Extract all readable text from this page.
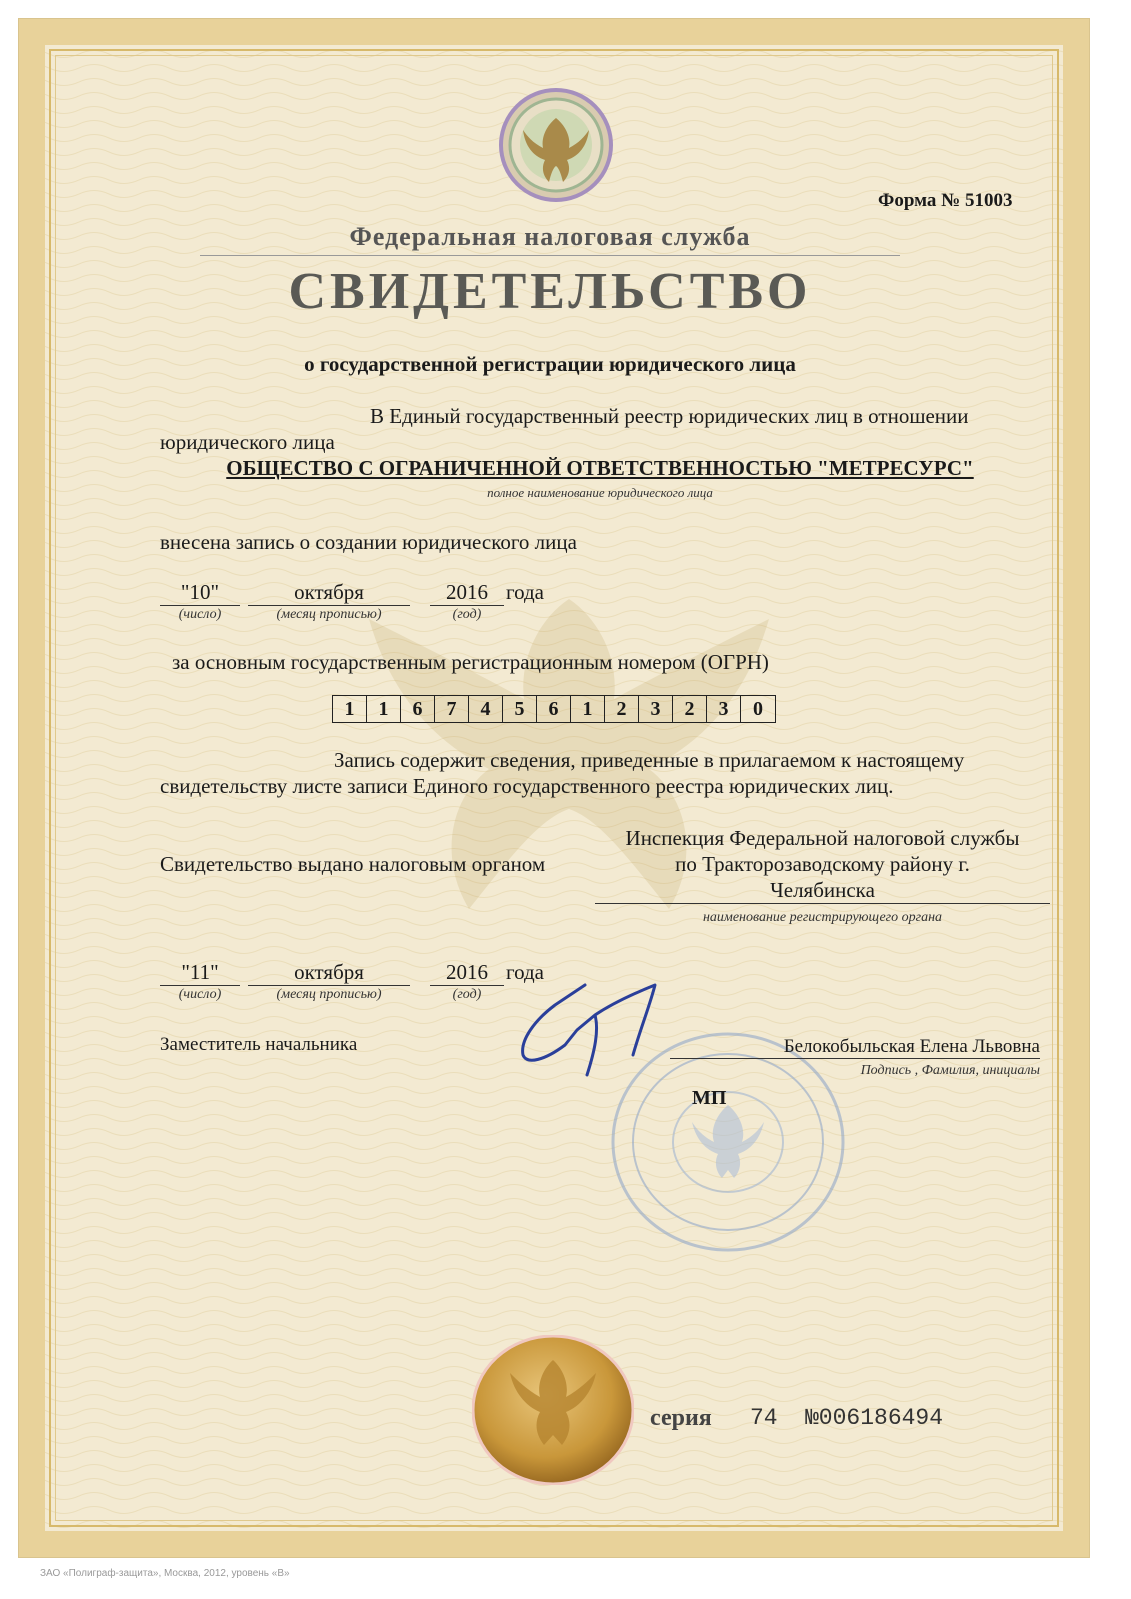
Форма № 51003
Федеральная налоговая служба
СВИДЕТЕЛЬСТВО
о государственной регистрации юридического лица
В Единый государственный реестр юридических лиц в отношении
юридического лица
ОБЩЕСТВО С ОГРАНИЧЕННОЙ ОТВЕТСТВЕННОСТЬЮ "МЕТРЕСУРС"
полное наименование юридического лица
внесена запись о создании юридического лица
"10"	октября	2016 года
(число)	(месяц прописью)	(год)
за основным государственным регистрационным номером (ОГРН)
1	1	6	7	4	5	6	1	2	3	2	3	0
Запись содержит сведения, приведенные в прилагаемом к настоящему
свидетельству листе записи Единого государственного реестра юридических лиц.
Свидетельство выдано налоговым органом
Инспекция Федеральной налоговой службы
по Тракторозаводскому району г.
Челябинска
наименование регистрирующего органа
"11"	октября	2016 года
(число)	(месяц прописью)	(год)
Заместитель начальника	Белокобыльская Елена Львовна
Подпись , Фамилия, инициалы
МП
серия 74 №006186494
ЗАО «Полиграф-защита», Москва, 2012, уровень «В»
